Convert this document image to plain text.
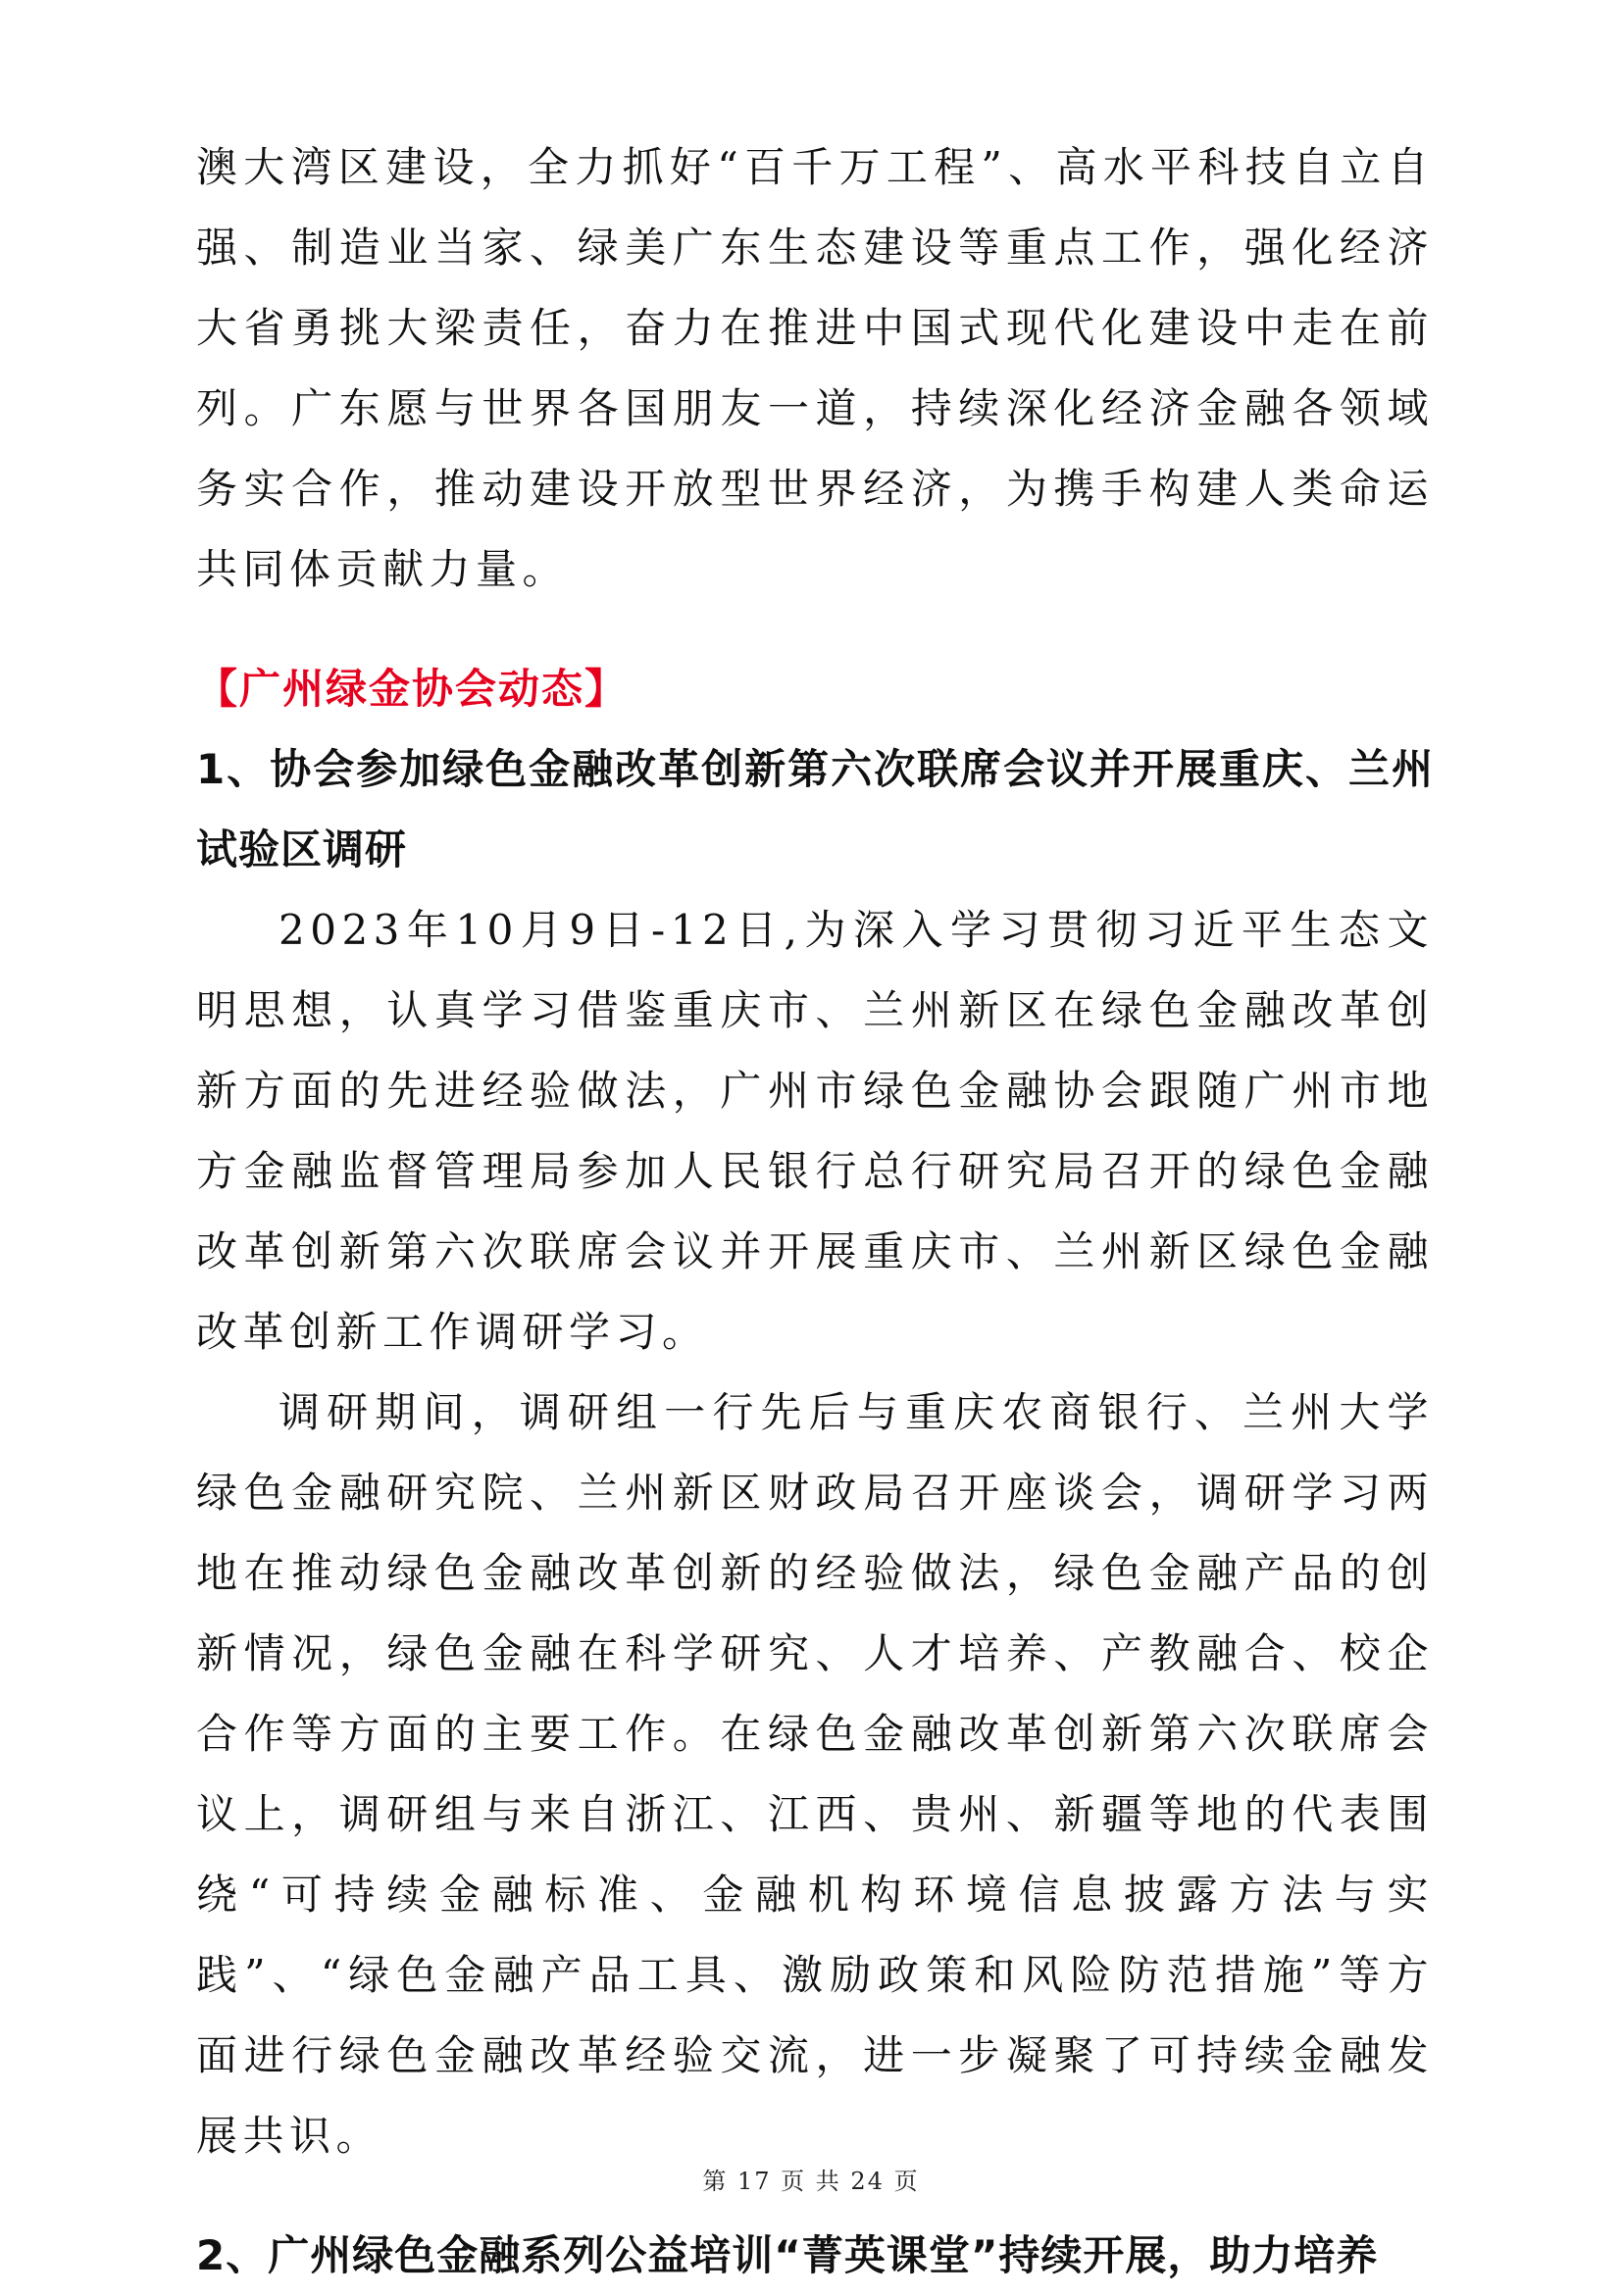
澳大湾区建设，全力抓好“百千万工程”、高水平科技自立自强、制造业当家、绿美广东生态建设等重点工作，强化经济大省勇挑大梁责任，奋力在推进中国式现代化建设中走在前列。广东愿与世界各国朋友一道，持续深化经济金融各领域务实合作，推动建设开放型世界经济，为携手构建人类命运共同体贡献力量。

【广州绿金协会动态】

1、协会参加绿色金融改革创新第六次联席会议并开展重庆、兰州试验区调研

2023年10月9日-12日,为深入学习贯彻习近平生态文明思想，认真学习借鉴重庆市、兰州新区在绿色金融改革创新方面的先进经验做法，广州市绿色金融协会跟随广州市地方金融监督管理局参加人民银行总行研究局召开的绿色金融改革创新第六次联席会议并开展重庆市、兰州新区绿色金融改革创新工作调研学习。

调研期间，调研组一行先后与重庆农商银行、兰州大学绿色金融研究院、兰州新区财政局召开座谈会，调研学习两地在推动绿色金融改革创新的经验做法，绿色金融产品的创新情况，绿色金融在科学研究、人才培养、产教融合、校企合作等方面的主要工作。在绿色金融改革创新第六次联席会议上，调研组与来自浙江、江西、贵州、新疆等地的代表围绕“可持续金融标准、金融机构环境信息披露方法与实践”、“绿色金融产品工具、激励政策和风险防范措施”等方面进行绿色金融改革经验交流，进一步凝聚了可持续金融发展共识。

2、广州绿色金融系列公益培训“菁英课堂”持续开展，助力培养

第 17 页 共 24 页
